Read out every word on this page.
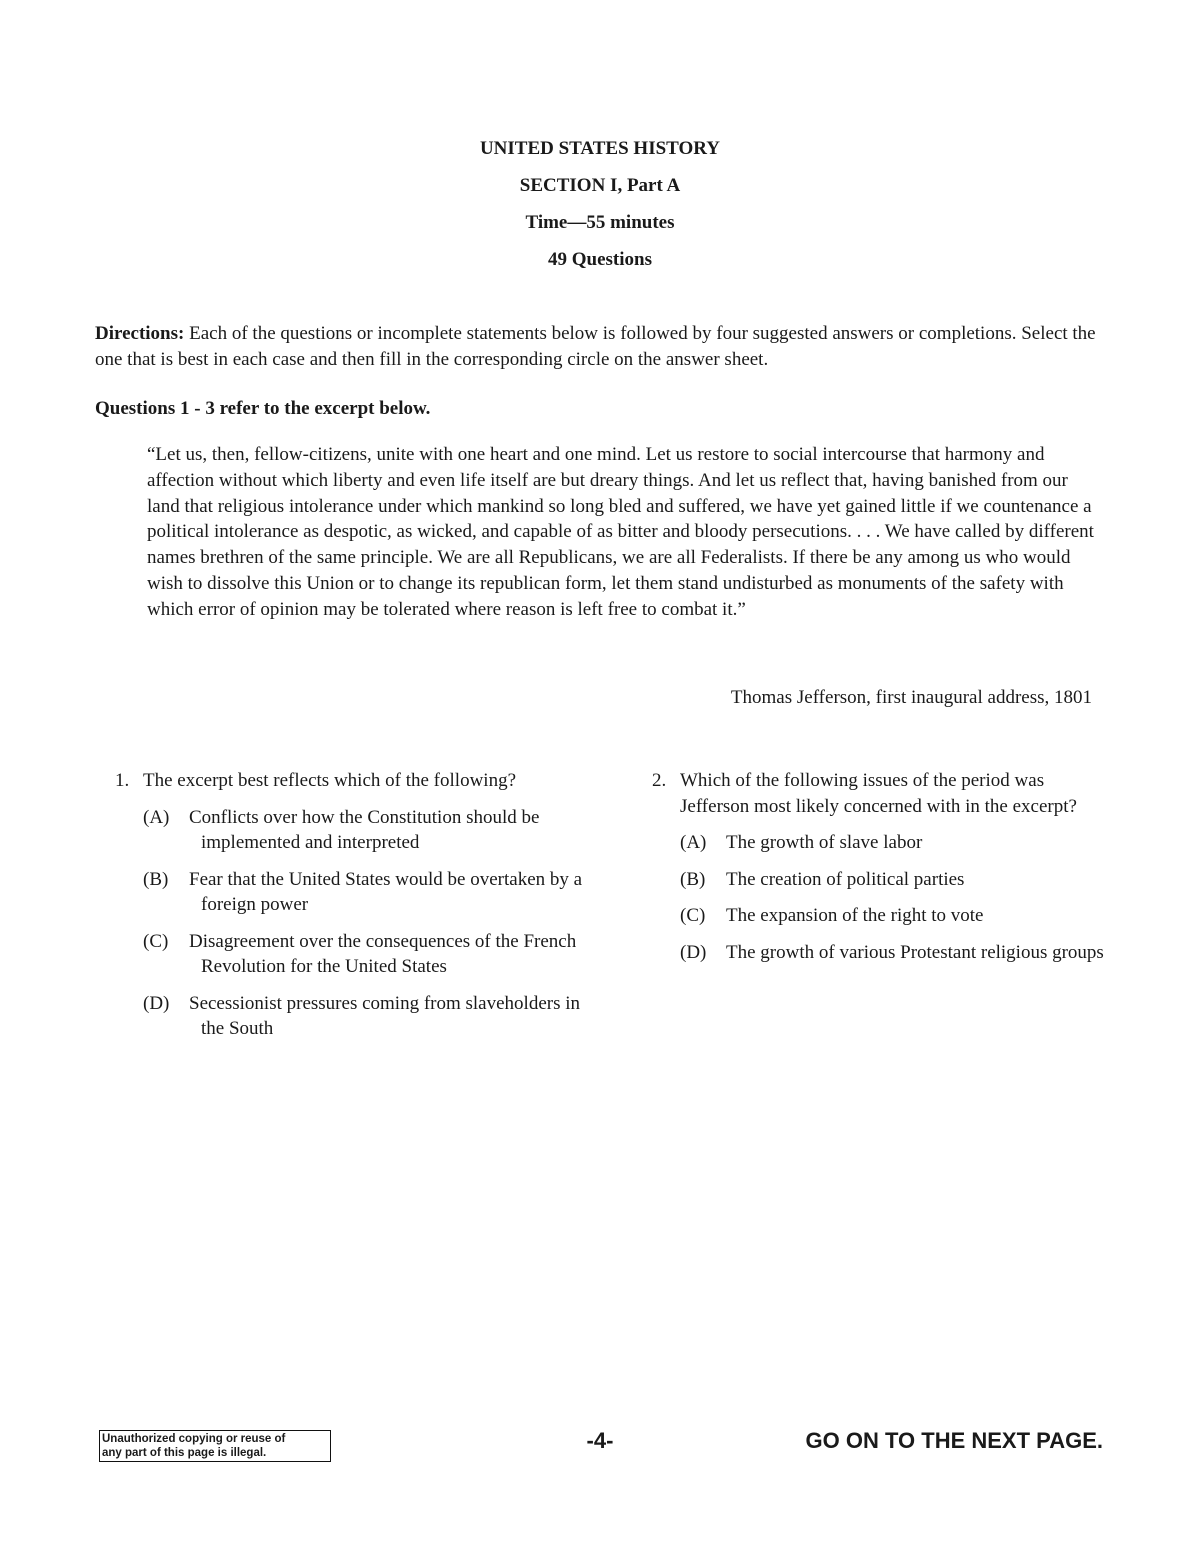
UNITED STATES HISTORY
SECTION I, Part A
Time—55 minutes
49 Questions
Directions: Each of the questions or incomplete statements below is followed by four suggested answers or completions. Select the one that is best in each case and then fill in the corresponding circle on the answer sheet.
Questions 1 - 3 refer to the excerpt below.
“Let us, then, fellow-citizens, unite with one heart and one mind. Let us restore to social intercourse that harmony and affection without which liberty and even life itself are but dreary things. And let us reflect that, having banished from our land that religious intolerance under which mankind so long bled and suffered, we have yet gained little if we countenance a political intolerance as despotic, as wicked, and capable of as bitter and bloody persecutions. . . . We have called by different names brethren of the same principle. We are all Republicans, we are all Federalists. If there be any among us who would wish to dissolve this Union or to change its republican form, let them stand undisturbed as monuments of the safety with which error of opinion may be tolerated where reason is left free to combat it.”
Thomas Jefferson, first inaugural address, 1801
1. The excerpt best reflects which of the following?
(A)	Conflicts over how the Constitution should be implemented and interpreted
(B)	Fear that the United States would be overtaken by a foreign power
(C)	Disagreement over the consequences of the French Revolution for the United States
(D)	Secessionist pressures coming from slaveholders in the South
2. Which of the following issues of the period was Jefferson most likely concerned with in the excerpt?
(A)	The growth of slave labor
(B)	The creation of political parties
(C)	The expansion of the right to vote
(D)	The growth of various Protestant religious groups
Unauthorized copying or reuse of
any part of this page is illegal.	-4-	GO ON TO THE NEXT PAGE.
